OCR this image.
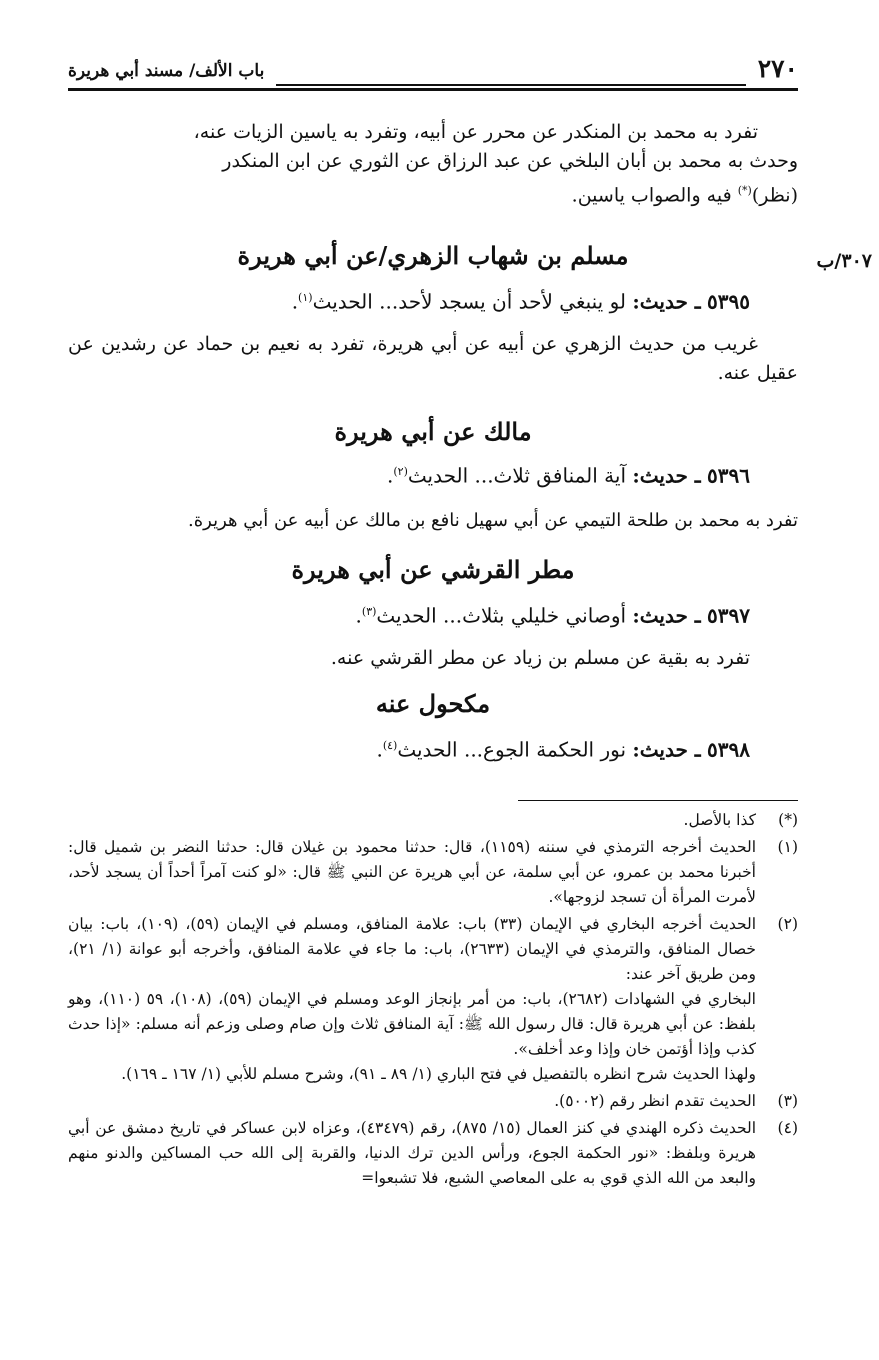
٢٧٠
باب الألف/ مسند أبي هريرة
٣٠٧/ب
تفرد به محمد بن المنكدر عن محرر عن أبيه، وتفرد به ياسين الزيات عنه،
وحدث به محمد بن أبان البلخي عن عبد الرزاق عن الثوري عن ابن المنكدر
(نظر)(*) فيه والصواب ياسين.
مسلم بن شهاب الزهري/عن أبي هريرة
٥٣٩٥ ـ حديث: لو ينبغي لأحد أن يسجد لأحد... الحديث$^{(١)}$.
غريب من حديث الزهري عن أبيه عن أبي هريرة، تفرد به نعيم بن حماد عن رشدين عن عقيل عنه.
مالك عن أبي هريرة
٥٣٩٦ ـ حديث: آية المنافق ثلاث... الحديث$^{(٢)}$.
تفرد به محمد بن طلحة التيمي عن أبي سهيل نافع بن مالك عن أبيه عن أبي هريرة.
مطر القرشي عن أبي هريرة
٥٣٩٧ ـ حديث: أوصاني خليلي بثلاث... الحديث$^{(٣)}$.
تفرد به بقية عن مسلم بن زياد عن مطر القرشي عنه.
مكحول عنه
٥٣٩٨ ـ حديث: نور الحكمة الجوع... الحديث$^{(٤)}$.
(*)

كذا بالأصل.

(١)

الحديث أخرجه الترمذي في سننه (١١٥٩)، قال: حدثنا محمود بن غيلان قال: حدثنا النضر بن شميل قال: أخبرنا محمد بن عمرو، عن أبي سلمة، عن أبي هريرة عن النبي ﷺ قال: «لو كنت آمراً أحداً أن يسجد لأحد، لأمرت المرأة أن تسجد لزوجها».

(٢)

الحديث أخرجه البخاري في الإيمان (٣٣) باب: علامة المنافق، ومسلم في الإيمان (٥٩)، (١٠٩)، باب: بيان خصال المنافق، والترمذي في الإيمان (٢٦٣٣)، باب: ما جاء في علامة المنافق، وأخرجه أبو عوانة (١/ ٢١)، ومن طريق آخر عند:

البخاري في الشهادات (٢٦٨٢)، باب: من أمر بإنجاز الوعد ومسلم في الإيمان (٥٩)، (١٠٨)، ٥٩ (١١٠)، وهو بلفظ: عن أبي هريرة قال: قال رسول الله ﷺ: آية المنافق ثلاث وإن صام وصلى وزعم أنه مسلم: «إذا حدث كذب وإذا أؤتمن خان وإذا وعد أخلف».

ولهذا الحديث شرح انظره بالتفصيل في فتح الباري (١/ ٨٩ ـ ٩١)، وشرح مسلم للأبي (١/ ١٦٧ ـ ١٦٩).

(٣)

الحديث تقدم انظر رقم (٥٠٠٢).

(٤)

الحديث ذكره الهندي في كنز العمال (١٥/ ٨٧٥)، رقم (٤٣٤٧٩)، وعزاه لابن عساكر في تاريخ دمشق عن أبي هريرة وبلفظ: «نور الحكمة الجوع، ورأس الدين ترك الدنيا، والقربة إلى الله حب المساكين والدنو منهم والبعد من الله الذي قوي به على المعاصي الشبع، فلا تشبعوا=
